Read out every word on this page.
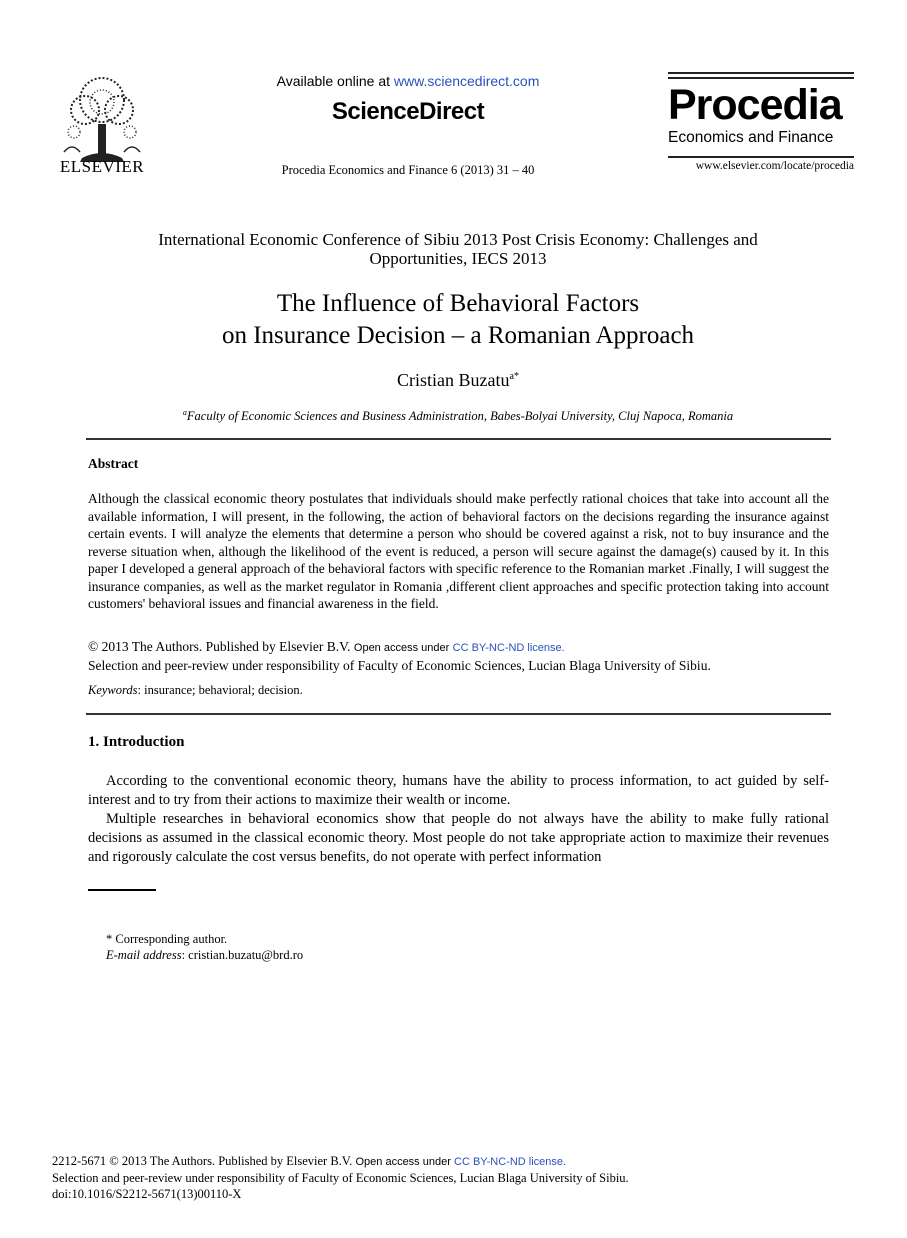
ELSEVIER
Available online at www.sciencedirect.com
ScienceDirect
Procedia Economics and Finance 6 (2013) 31 – 40
Procedia
Economics and Finance
www.elsevier.com/locate/procedia
International Economic Conference of Sibiu 2013 Post Crisis Economy: Challenges and Opportunities, IECS 2013
The Influence of Behavioral Factors
on Insurance Decision – a Romanian Approach
Cristian Buzatu$^{a*}$
$^a$Faculty of Economic Sciences and Business Administration, Babes-Bolyai University, Cluj Napoca, Romania
Abstract
Although the classical economic theory postulates that individuals should make perfectly rational choices that take into account all the available information, I will present, in the following, the action of behavioral factors on the decisions regarding the insurance against certain events. I will analyze the elements that determine a person who should be covered against a risk, not to buy insurance and the reverse situation when, although the likelihood of the event is reduced, a person will secure against the damage(s) caused by it. In this paper I developed a general approach of the behavioral factors with specific reference to the Romanian market .Finally, I will suggest the insurance companies, as well as the market regulator in Romania ,different client approaches and specific protection taking into account customers' behavioral issues and financial awareness in the field.
© 2013 The Authors. Published by Elsevier B.V. Open access under CC BY-NC-ND license.
Selection and peer-review under responsibility of Faculty of Economic Sciences, Lucian Blaga University of Sibiu.
Keywords: insurance; behavioral; decision.
1. Introduction

According to the conventional economic theory, humans have the ability to process information, to act guided by self-interest and to try from their actions to maximize their wealth or income.

Multiple researches in behavioral economics show that people do not always have the ability to make fully rational decisions as assumed in the classical economic theory. Most people do not take appropriate action to maximize their revenues and rigorously calculate the cost versus benefits, do not operate with perfect information

* Corresponding author.
E-mail address: cristian.buzatu@brd.ro
2212-5671 © 2013 The Authors. Published by Elsevier B.V. Open access under CC BY-NC-ND license.
Selection and peer-review under responsibility of Faculty of Economic Sciences, Lucian Blaga University of Sibiu.
doi:10.1016/S2212-5671(13)00110-X
